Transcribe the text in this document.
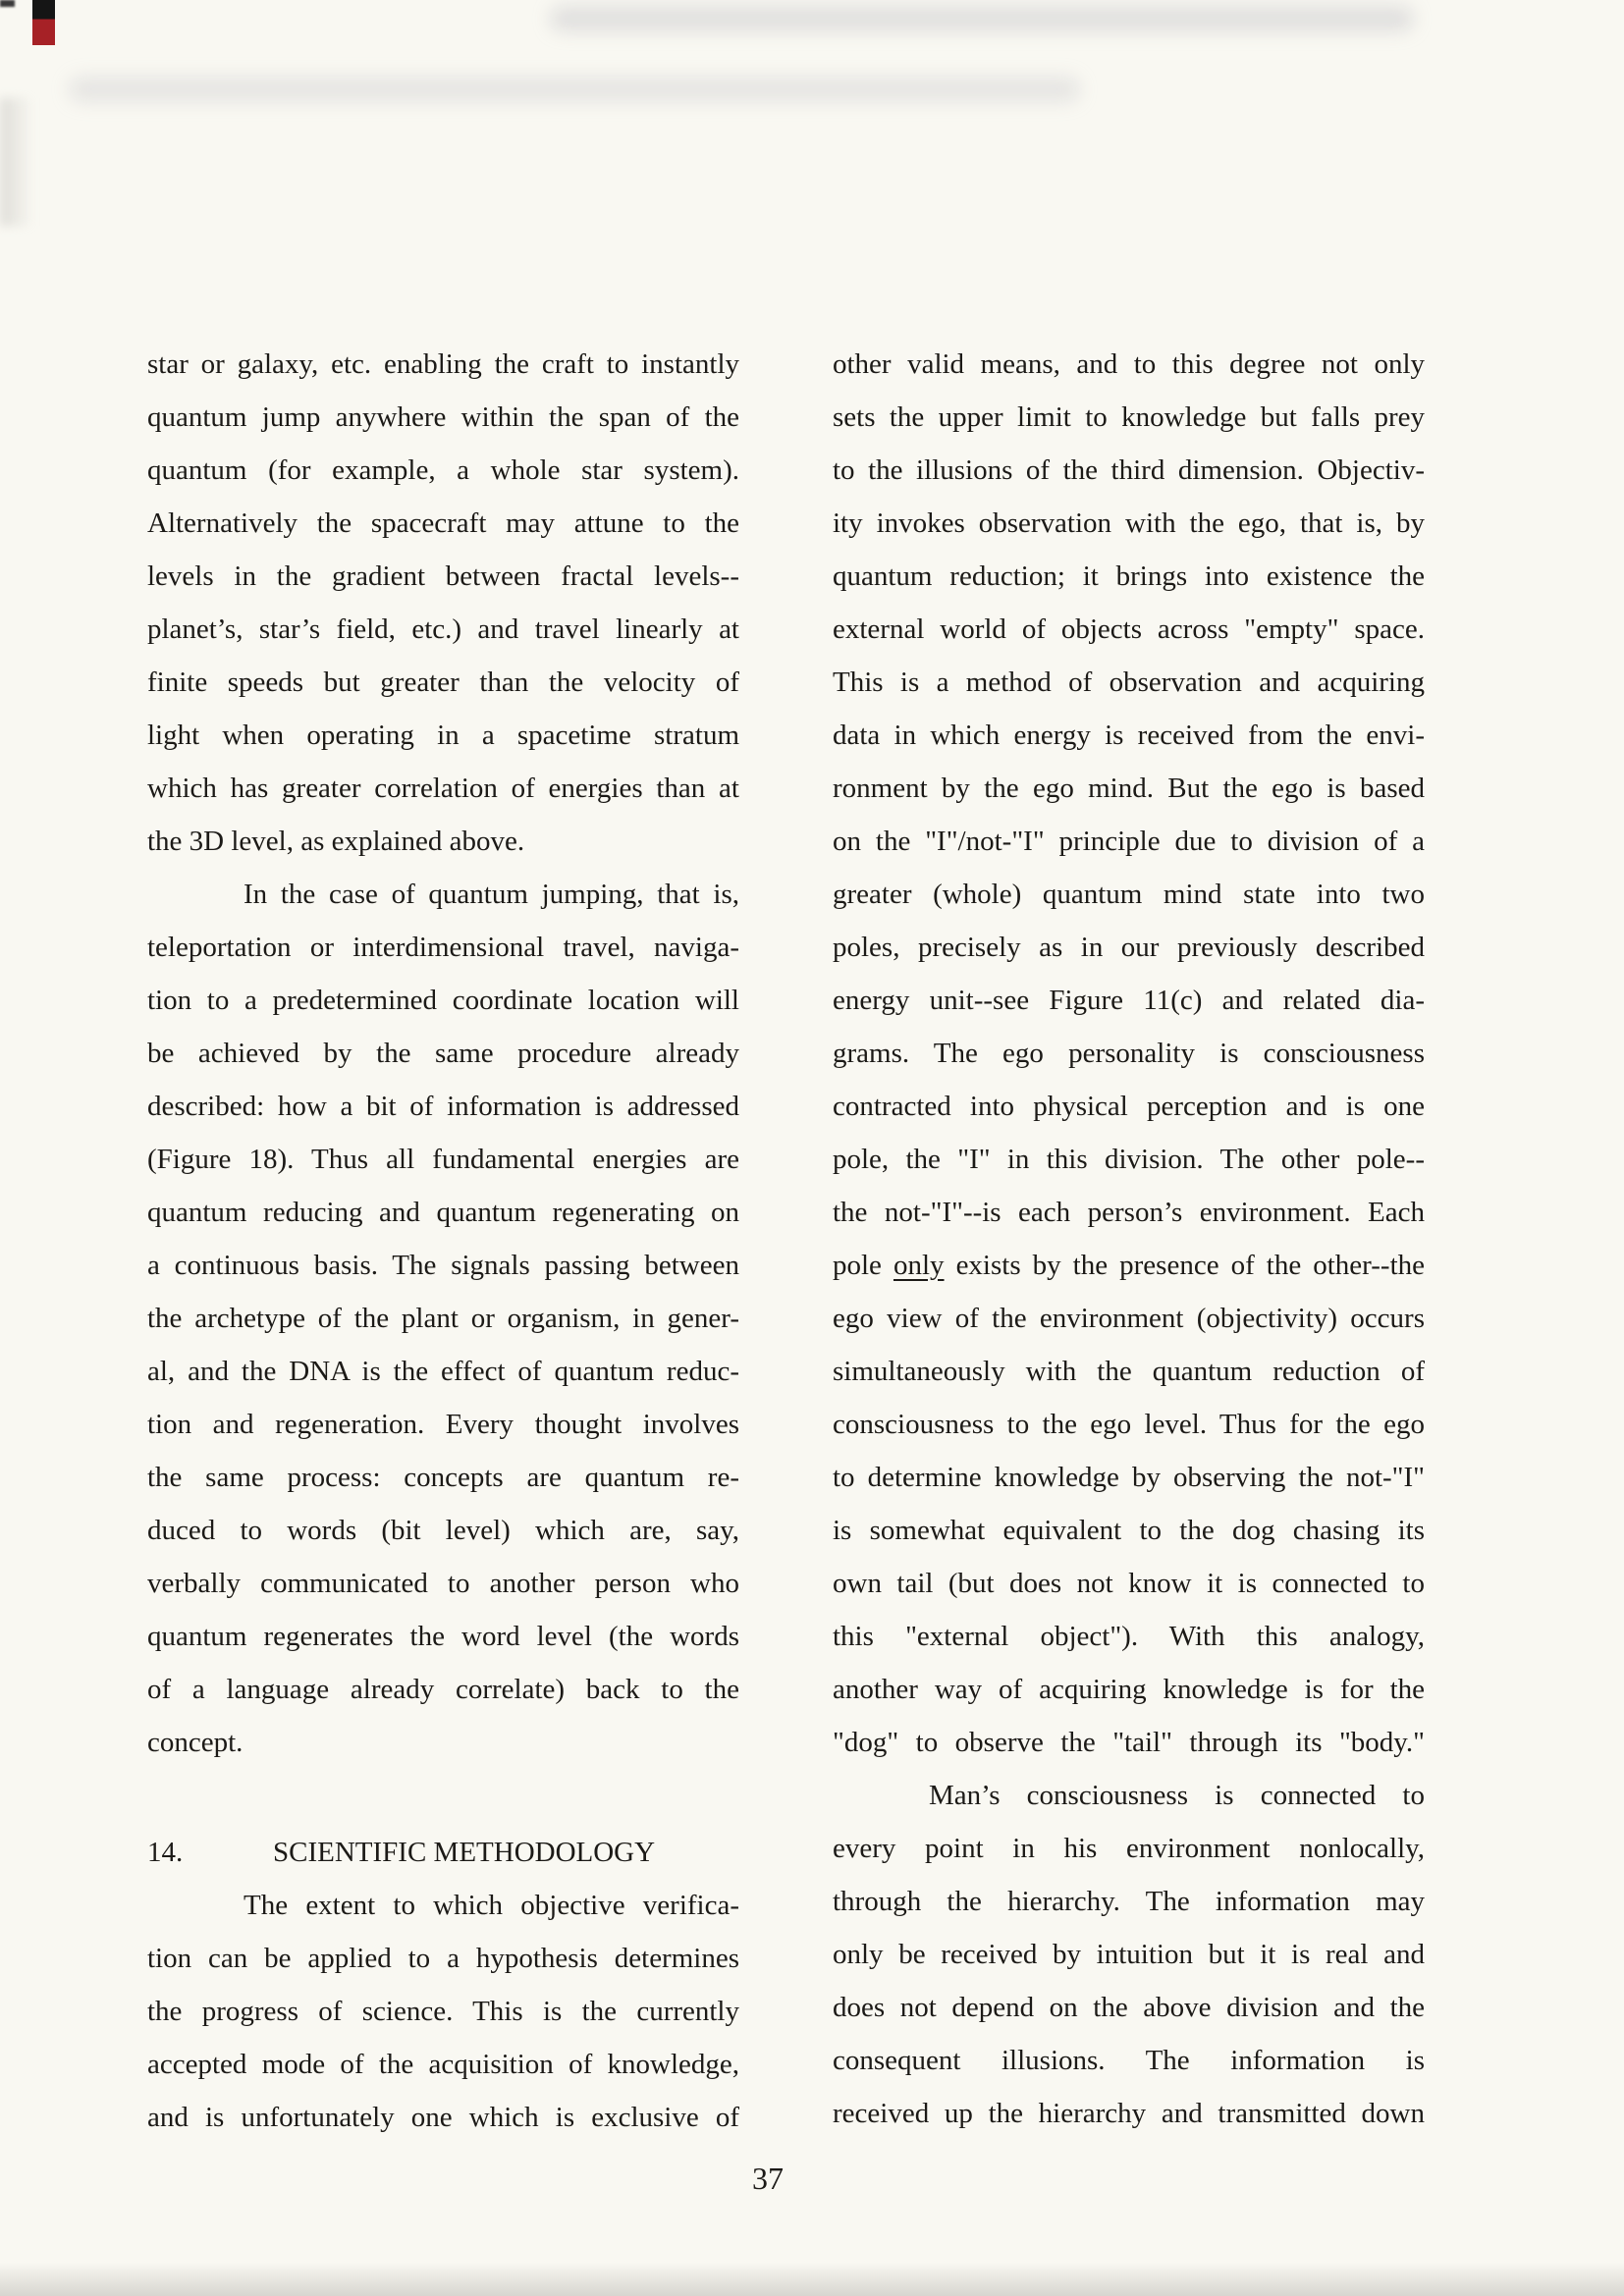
star or galaxy, etc. enabling the craft to instantly
quantum jump anywhere within the span of the
quantum (for example, a whole star system).
Alternatively the spacecraft may attune to the
levels in the gradient between fractal levels--
planet’s, star’s field, etc.) and travel linearly at
finite speeds but greater than the velocity of
light when operating in a spacetime stratum
which has greater correlation of energies than at
the 3D level, as explained above.
In the case of quantum jumping, that is,
teleportation or interdimensional travel, naviga-
tion to a predetermined coordinate location will
be achieved by the same procedure already
described: how a bit of information is addressed
(Figure 18). Thus all fundamental energies are
quantum reducing and quantum regenerating on
a continuous basis. The signals passing between
the archetype of the plant or organism, in gener-
al, and the DNA is the effect of quantum reduc-
tion and regeneration. Every thought involves
the same process: concepts are quantum re-
duced to words (bit level) which are, say,
verbally communicated to another person who
quantum regenerates the word level (the words
of a language already correlate) back to the
concept.
14.	SCIENTIFIC METHODOLOGY
The extent to which objective verifica-
tion can be applied to a hypothesis determines
the progress of science. This is the currently
accepted mode of the acquisition of knowledge,
and is unfortunately one which is exclusive of
other valid means, and to this degree not only
sets the upper limit to knowledge but falls prey
to the illusions of the third dimension. Objectiv-
ity invokes observation with the ego, that is, by
quantum reduction; it brings into existence the
external world of objects across "empty" space.
This is a method of observation and acquiring
data in which energy is received from the envi-
ronment by the ego mind. But the ego is based
on the "I"/not-"I" principle due to division of a
greater (whole) quantum mind state into two
poles, precisely as in our previously described
energy unit--see Figure 11(c) and related dia-
grams. The ego personality is consciousness
contracted into physical perception and is one
pole, the "I" in this division. The other pole--
the not-"I"--is each person’s environment. Each
pole only exists by the presence of the other--the
ego view of the environment (objectivity) occurs
simultaneously with the quantum reduction of
consciousness to the ego level. Thus for the ego
to determine knowledge by observing the not-"I"
is somewhat equivalent to the dog chasing its
own tail (but does not know it is connected to
this "external object"). With this analogy,
another way of acquiring knowledge is for the
"dog" to observe the "tail" through its "body."
Man’s consciousness is connected to
every point in his environment nonlocally,
through the hierarchy. The information may
only be received by intuition but it is real and
does not depend on the above division and the
consequent illusions. The information is
received up the hierarchy and transmitted down
37
